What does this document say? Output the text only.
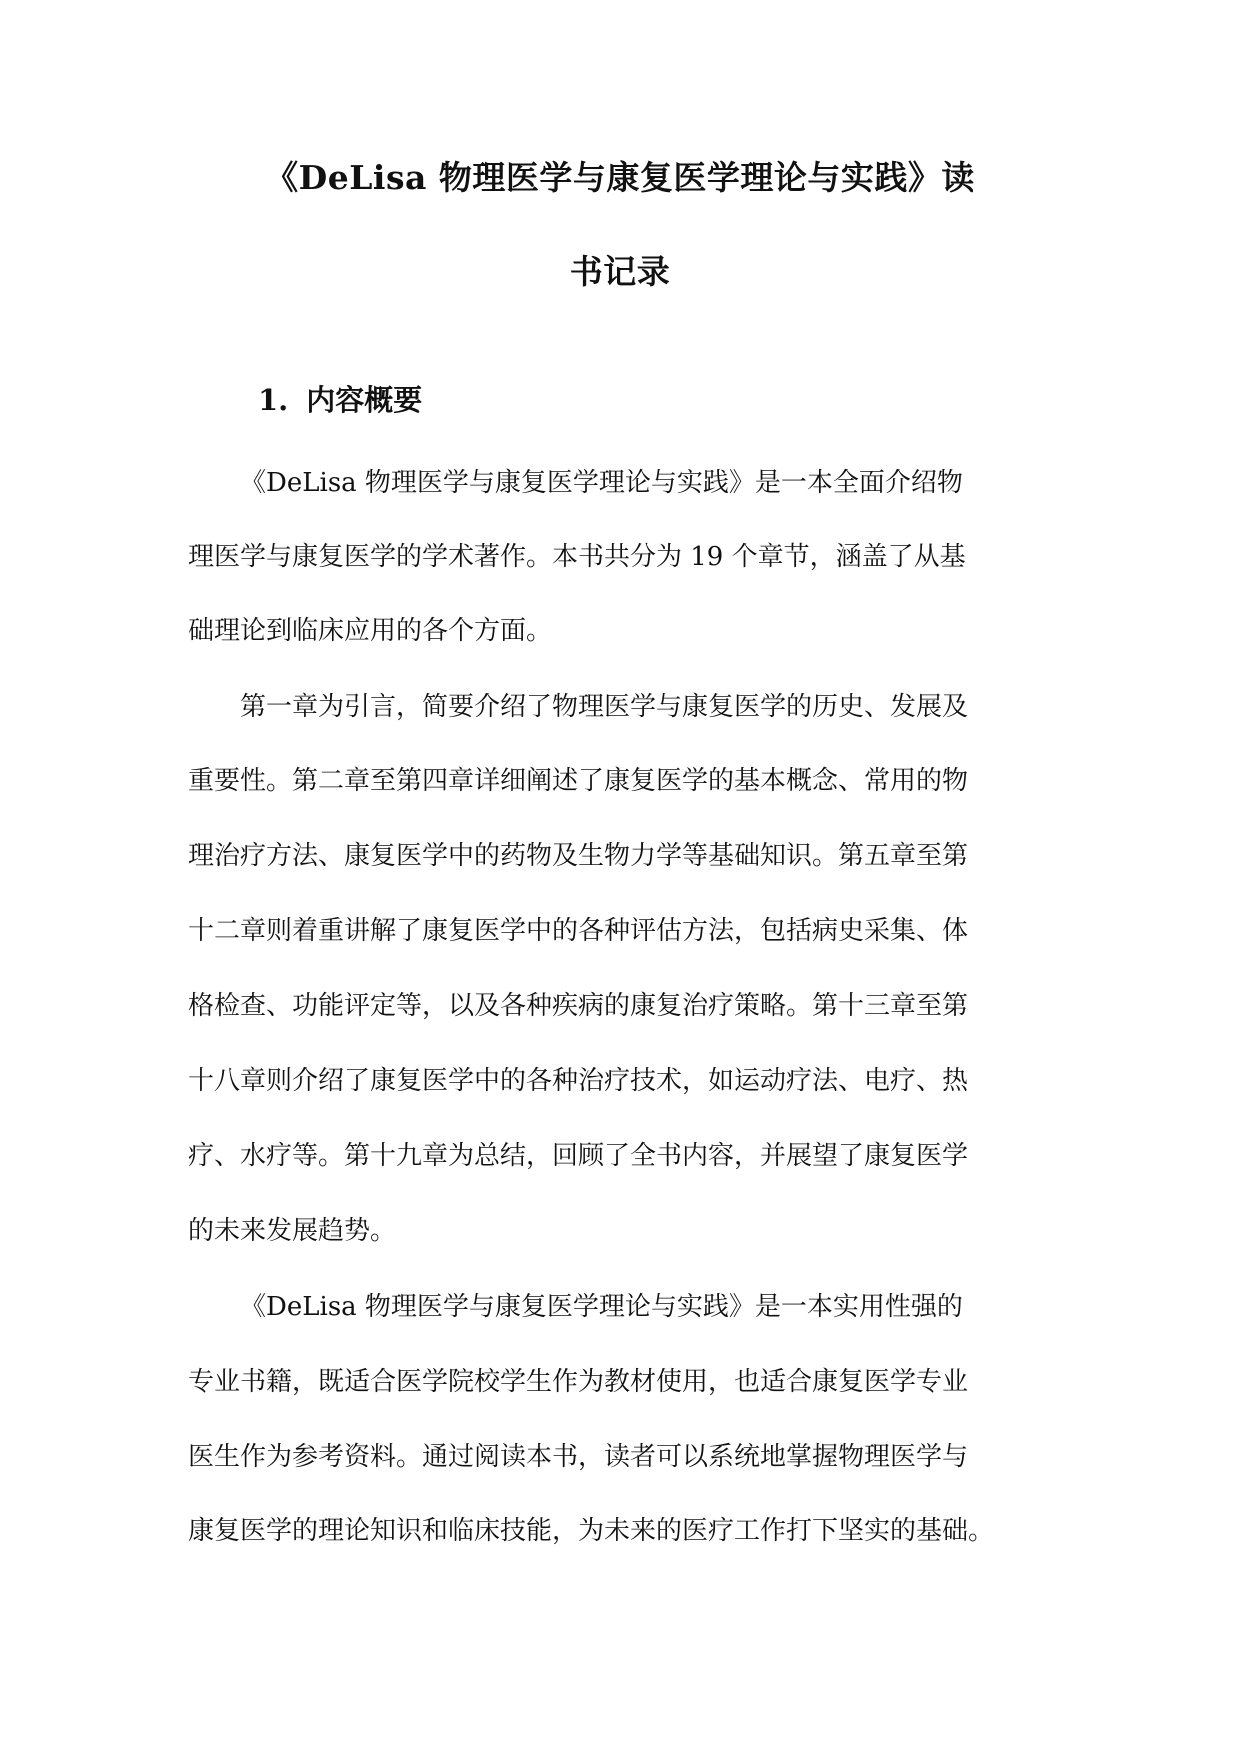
《DeLisa 物理医学与康复医学理论与实践》读
书记录
1. 内容概要
《DeLisa 物理医学与康复医学理论与实践》是一本全面介绍物
理医学与康复医学的学术著作。本书共分为 19 个章节，涵盖了从基
础理论到临床应用的各个方面。
第一章为引言，简要介绍了物理医学与康复医学的历史、发展及
重要性。第二章至第四章详细阐述了康复医学的基本概念、常用的物
理治疗方法、康复医学中的药物及生物力学等基础知识。第五章至第
十二章则着重讲解了康复医学中的各种评估方法，包括病史采集、体
格检查、功能评定等，以及各种疾病的康复治疗策略。第十三章至第
十八章则介绍了康复医学中的各种治疗技术，如运动疗法、电疗、热
疗、水疗等。第十九章为总结，回顾了全书内容，并展望了康复医学
的未来发展趋势。
《DeLisa 物理医学与康复医学理论与实践》是一本实用性强的
专业书籍，既适合医学院校学生作为教材使用，也适合康复医学专业
医生作为参考资料。通过阅读本书，读者可以系统地掌握物理医学与
康复医学的理论知识和临床技能，为未来的医疗工作打下坚实的基础。
